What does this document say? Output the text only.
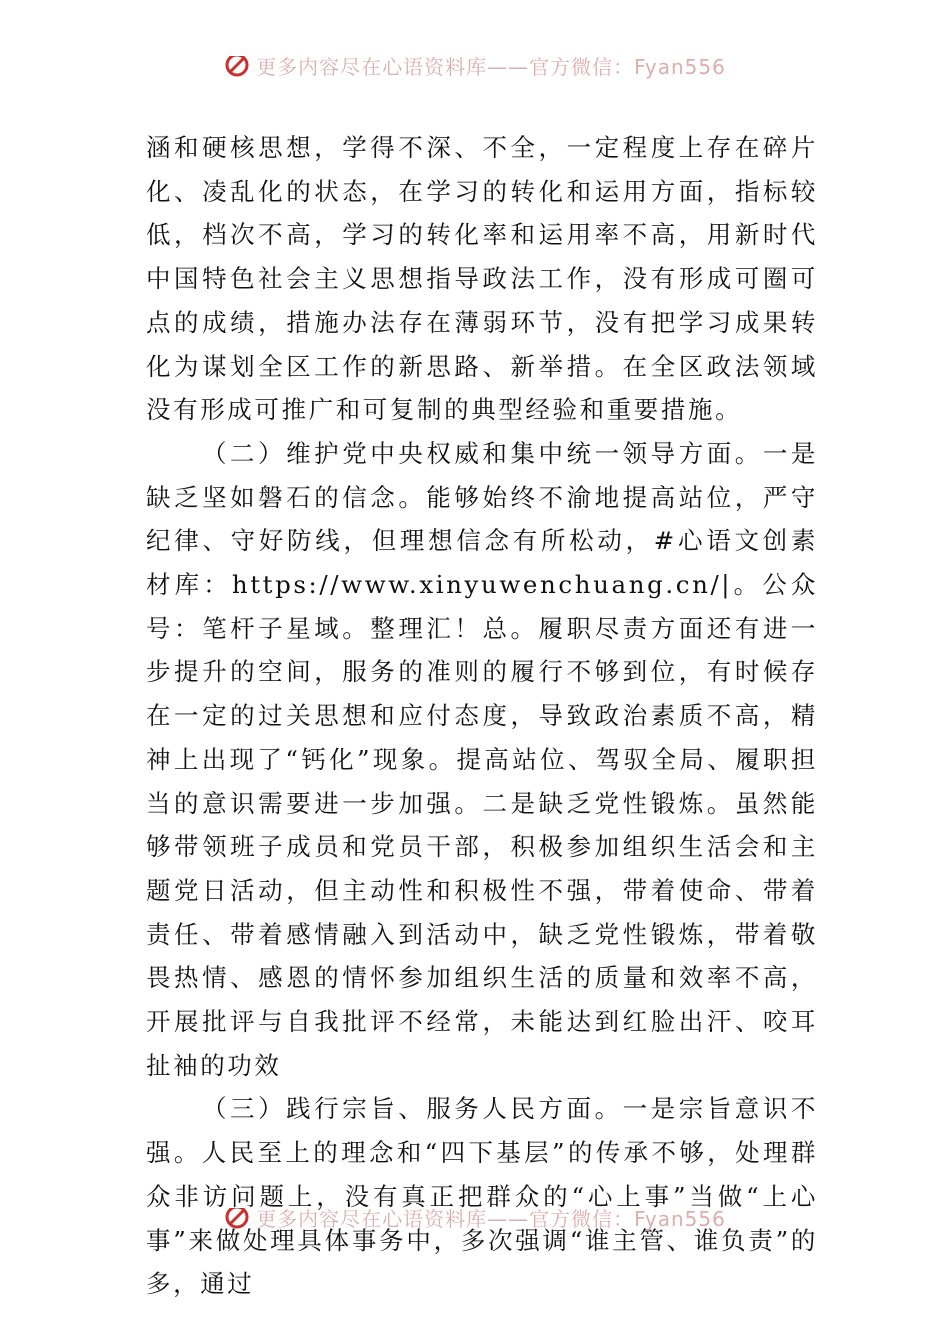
更多内容尽在心语资料库——官方微信：Fyan556

涵和硬核思想，学得不深、不全，一定程度上存在碎片化、凌乱化的状态，在学习的转化和运用方面，指标较低，档次不高，学习的转化率和运用率不高，用新时代中国特色社会主义思想指导政法工作，没有形成可圈可点的成绩，措施办法存在薄弱环节，没有把学习成果转化为谋划全区工作的新思路、新举措。在全区政法领域没有形成可推广和可复制的典型经验和重要措施。

（二）维护党中央权威和集中统一领导方面。一是缺乏坚如磐石的信念。能够始终不渝地提高站位，严守纪律、守好防线，但理想信念有所松动，#心语文创素材库：https://www.xinyuwenchuang.cn/|。公众号：笔杆子星域。整理汇！总。履职尽责方面还有进一步提升的空间，服务的准则的履行不够到位，有时候存在一定的过关思想和应付态度，导致政治素质不高，精神上出现了“钙化”现象。提高站位、驾驭全局、履职担当的意识需要进一步加强。二是缺乏党性锻炼。虽然能够带领班子成员和党员干部，积极参加组织生活会和主题党日活动，但主动性和积极性不强，带着使命、带着责任、带着感情融入到活动中，缺乏党性锻炼，带着敬畏热情、感恩的情怀参加组织生活的质量和效率不高，开展批评与自我批评不经常，未能达到红脸出汗、咬耳扯袖的功效

（三）践行宗旨、服务人民方面。一是宗旨意识不强。人民至上的理念和“四下基层”的传承不够，处理群众非访问题上，没有真正把群众的“心上事”当做“上心事”来做处理具体事务中，多次强调“谁主管、谁负责”的多，通过

更多内容尽在心语资料库——官方微信：Fyan556
